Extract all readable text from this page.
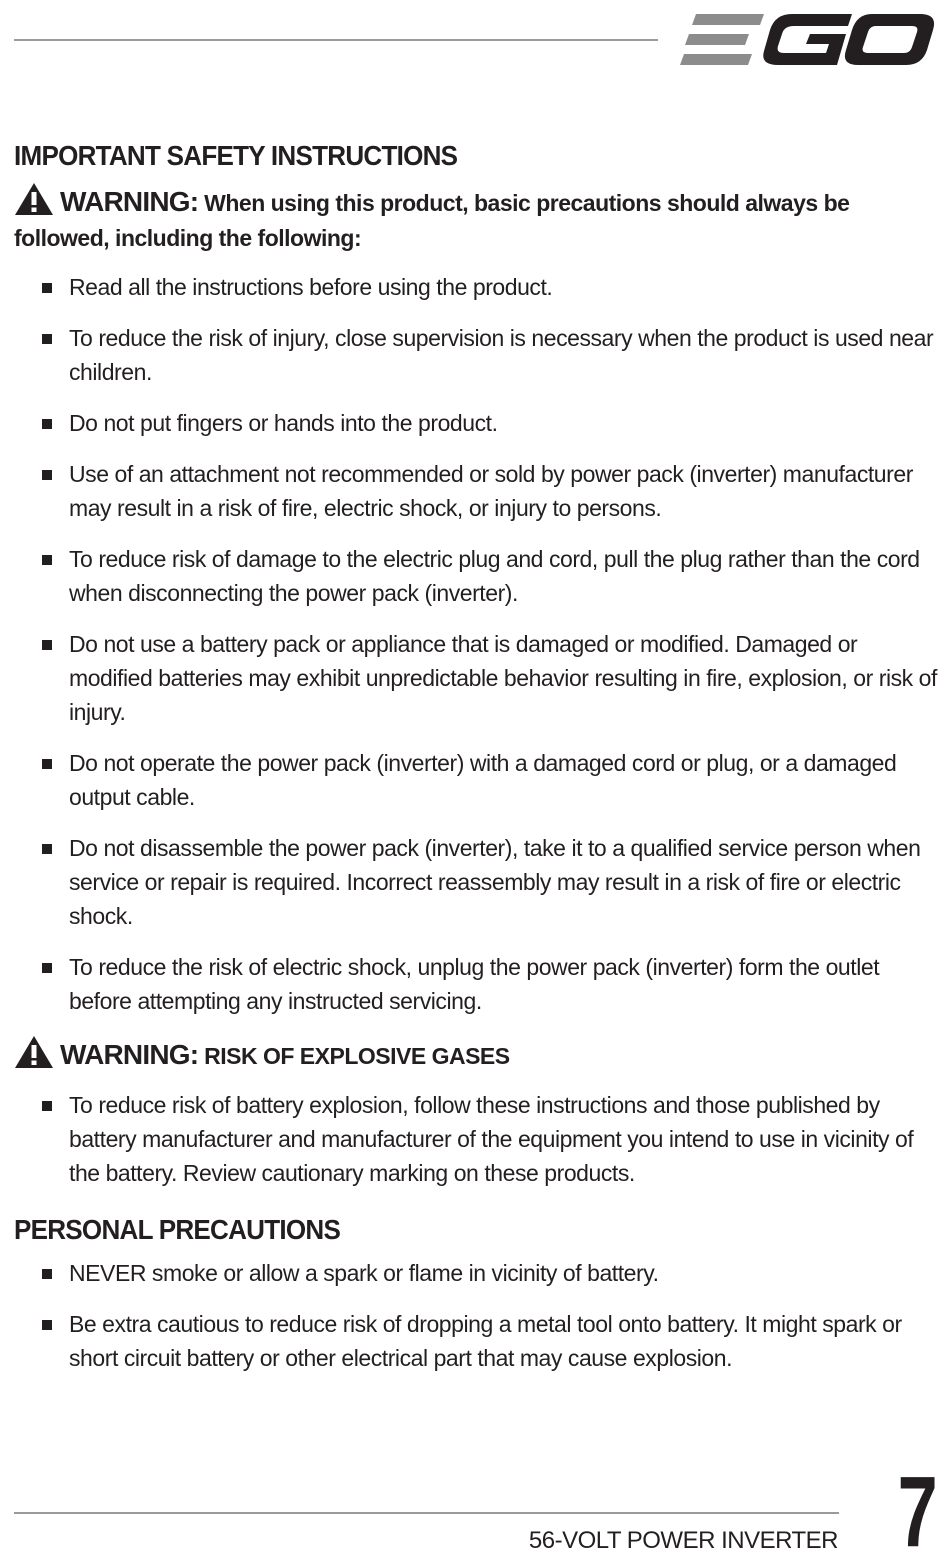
IMPORTANT SAFETY INSTRUCTIONS
WARNING: When using this product, basic precautions should always be followed, including the following:
Read all the instructions before using the product.
To reduce the risk of injury, close supervision is necessary when the product is used near children.
Do not put fingers or hands into the product.
Use of an attachment not recommended or sold by power pack (inverter) manufacturer may result in a risk of fire, electric shock, or injury to persons.
To reduce risk of damage to the electric plug and cord, pull the plug rather than the cord when disconnecting the power pack (inverter).
Do not use a battery pack or appliance that is damaged or modified. Damaged or modified batteries may exhibit unpredictable behavior resulting in fire, explosion, or risk of injury.
Do not operate the power pack (inverter) with a damaged cord or plug, or a damaged output cable.
Do not disassemble the power pack (inverter), take it to a qualified service person when service or repair is required. Incorrect reassembly may result in a risk of fire or electric shock.
To reduce the risk of electric shock, unplug the power pack (inverter) form the outlet before attempting any instructed servicing.
WARNING: RISK OF EXPLOSIVE GASES
To reduce risk of battery explosion, follow these instructions and those published by battery manufacturer and manufacturer of the equipment you intend to use in vicinity of the battery. Review cautionary marking on these products.
PERSONAL PRECAUTIONS
NEVER smoke or allow a spark or flame in vicinity of battery.
Be extra cautious to reduce risk of dropping a metal tool onto battery. It might spark or short circuit battery or other electrical part that may cause explosion.
56-VOLT POWER INVERTER 7
